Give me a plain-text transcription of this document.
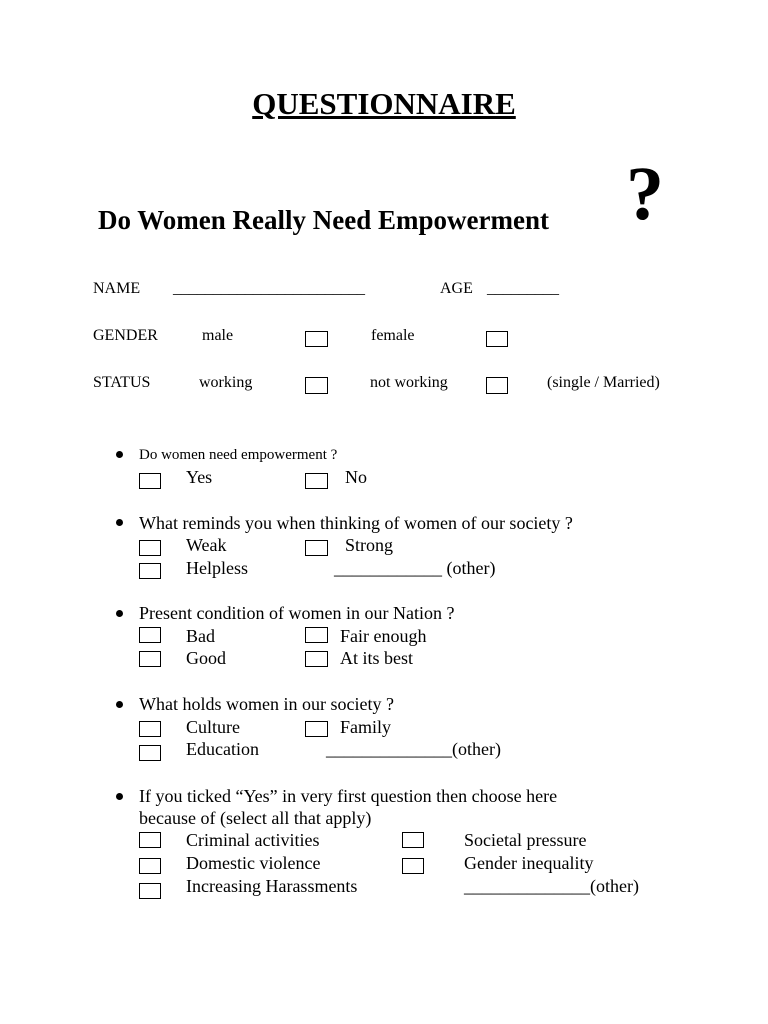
QUESTIONNAIRE
Do Women Really Need Empowerment ?
NAME ________________________	AGE _________
GENDER	male	female
STATUS	working	not working	(single / Married)
Do women need empowerment ?
Yes	No
What reminds you when thinking of women of our society ?
Weak	Strong
Helpless	____________ (other)
Present condition of women in our Nation ?
Bad	Fair enough
Good	At its best
What holds women in our society ?
Culture	Family
Education	______________(other)
If you ticked “Yes” in very first question then choose here
because of (select all that apply)
Criminal activities	Societal pressure
Domestic violence	Gender inequality
Increasing Harassments	______________(other)
